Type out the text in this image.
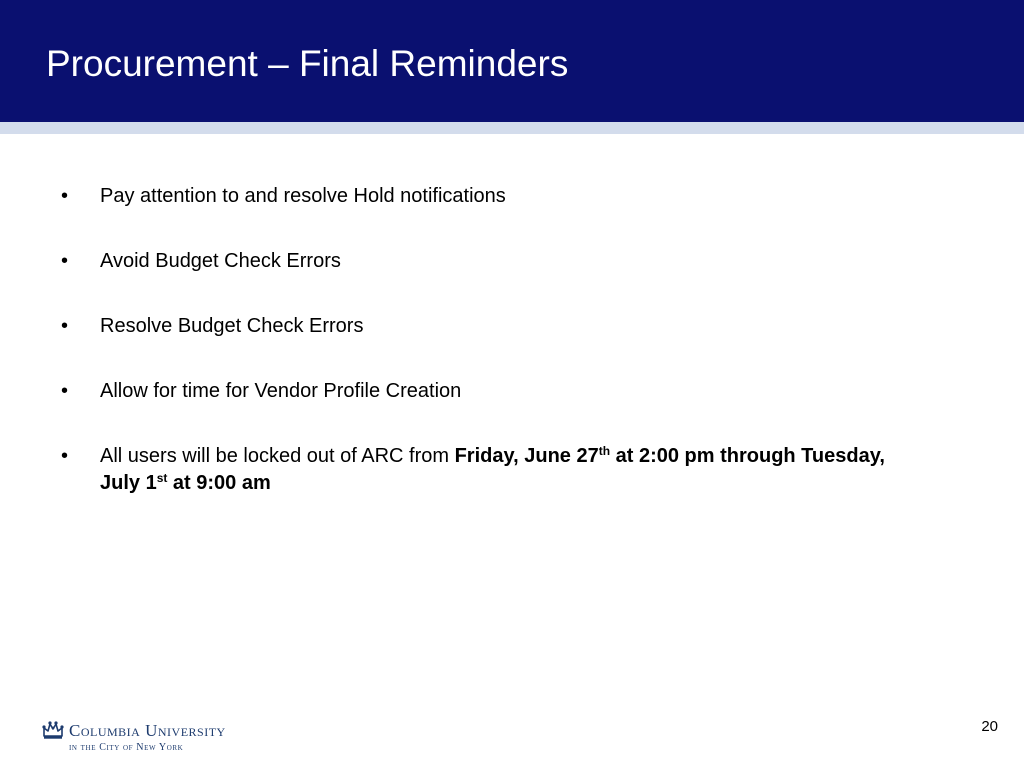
Procurement – Final Reminders
• Pay attention to and resolve Hold notifications
• Avoid Budget Check Errors
• Resolve Budget Check Errors
• Allow for time for Vendor Profile Creation
• All users will be locked out of ARC from Friday, June 27th at 2:00 pm through Tuesday, July 1st at 9:00 am
Columbia University
in the City of New York
20
